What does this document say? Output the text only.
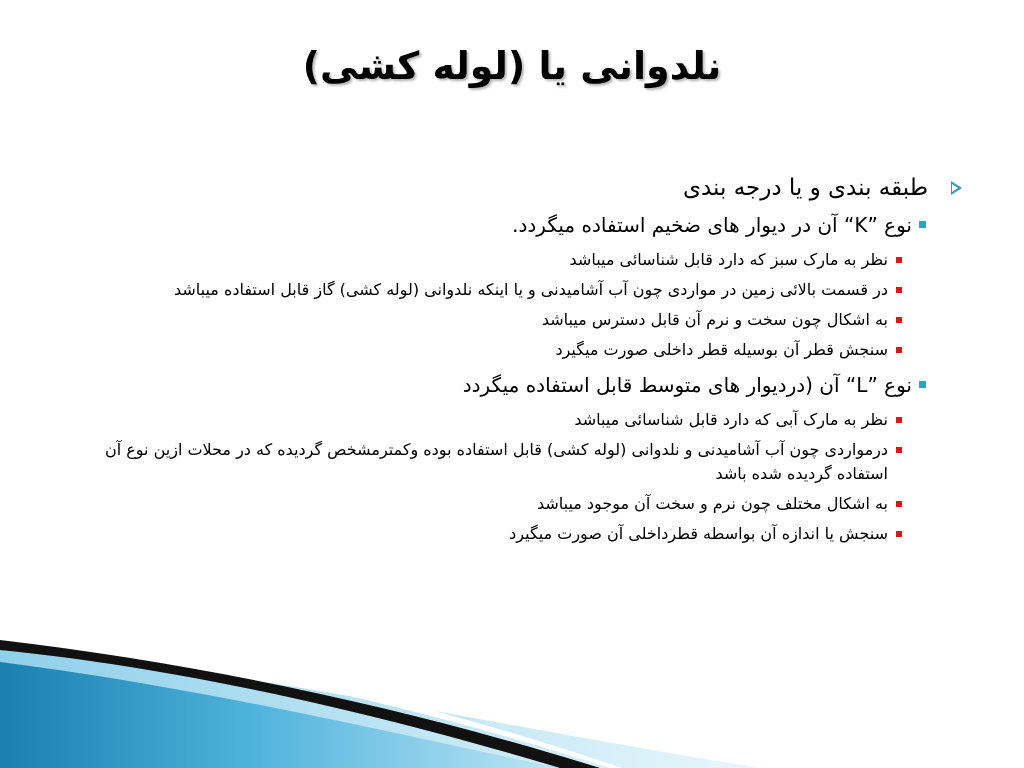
نلدوانی یا (لوله کشی)
طبقه بندی و یا درجه بندی
نوع ”K“ آن در دیوار های ضخیم استفاده میگردد.
نظر به مارک سبز که دارد قابل شناسائی میباشد
در قسمت بالائی زمین در مواردی چون آب آشامیدنی و یا اینکه نلدوانی (لوله کشی) گاز قابل استفاده میباشد
به اشکال چون سخت و نرم آن قابل دسترس میباشد
سنجش قطر آن بوسیله قطر داخلی صورت میگیرد
نوع ”L“ آن (دردیوار های متوسط قابل استفاده میگردد
نظر به مارک آبی که دارد قابل شناسائی میباشد
درمواردی چون آب آشامیدنی و نلدوانی (لوله کشی) قابل استفاده بوده وکمترمشخص گردیده که در محلات ازین نوع آن استفاده گردیده شده باشد
به اشکال مختلف چون نرم و سخت آن موجود میباشد
سنجش یا اندازه آن بواسطه قطرداخلی آن صورت میگیرد
